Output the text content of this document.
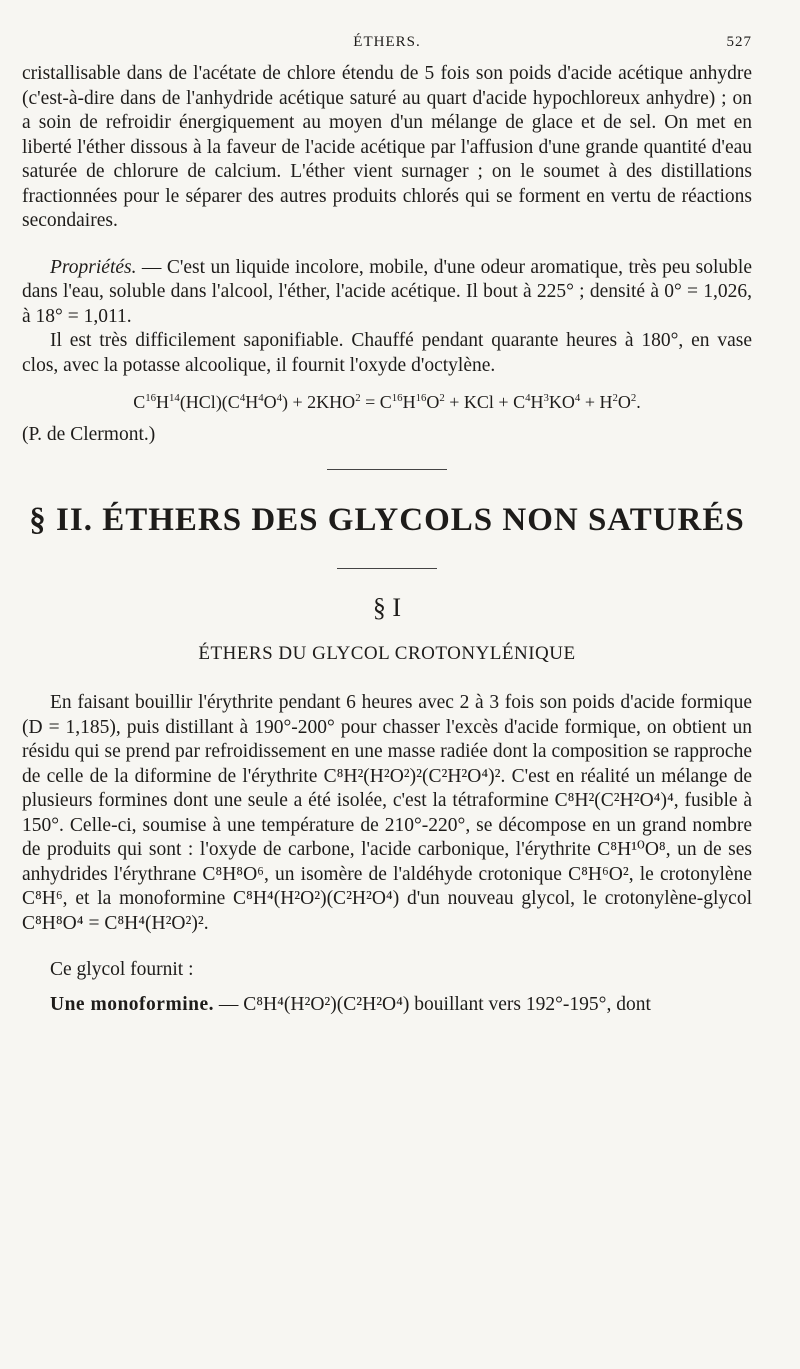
ÉTHERS.	527

cristallisable dans de l'acétate de chlore étendu de 5 fois son poids d'acide acétique anhydre (c'est-à-dire dans de l'anhydride acétique saturé au quart d'acide hypochloreux anhydre) ; on a soin de refroidir énergiquement au moyen d'un mélange de glace et de sel. On met en liberté l'éther dissous à la faveur de l'acide acétique par l'affusion d'une grande quantité d'eau saturée de chlorure de calcium. L'éther vient surnager ; on le soumet à des distillations fractionnées pour le séparer des autres produits chlorés qui se forment en vertu de réactions secondaires.

Propriétés. — C'est un liquide incolore, mobile, d'une odeur aromatique, très peu soluble dans l'eau, soluble dans l'alcool, l'éther, l'acide acétique. Il bout à 225° ; densité à 0° = 1,026, à 18° = 1,011.

Il est très difficilement saponifiable. Chauffé pendant quarante heures à 180°, en vase clos, avec la potasse alcoolique, il fournit l'oxyde d'octylène.

$C^{16}H^{14}(HCl)(C^4H^4O^4) + 2KHO^2 = C^{16}H^{16}O^2$ + KCl + $C^4H^3KO^4 + H^2O^2$.

(P. de Clermont.)

§ II. ÉTHERS DES GLYCOLS NON SATURÉS
§ I
ÉTHERS DU GLYCOL CROTONYLÉNIQUE

En faisant bouillir l'érythrite pendant 6 heures avec 2 à 3 fois son poids d'acide formique (D = 1,185), puis distillant à 190°-200° pour chasser l'excès d'acide formique, on obtient un résidu qui se prend par refroidissement en une masse radiée dont la composition se rapproche de celle de la diformine de l'érythrite C⁸H²(H²O²)²(C²H²O⁴)². C'est en réalité un mélange de plusieurs formines dont une seule a été isolée, c'est la tétraformine C⁸H²(C²H²O⁴)⁴, fusible à 150°. Celle-ci, soumise à une température de 210°-220°, se décompose en un grand nombre de produits qui sont : l'oxyde de carbone, l'acide carbonique, l'érythrite C⁸H¹⁰O⁸, un de ses anhydrides l'érythrane C⁸H⁸O⁶, un isomère de l'aldéhyde crotonique C⁸H⁶O², le crotonylène C⁸H⁶, et la monoformine C⁸H⁴(H²O²)(C²H²O⁴) d'un nouveau glycol, le crotonylène-glycol C⁸H⁸O⁴ = C⁸H⁴(H²O²)².

Ce glycol fournit :

Une monoformine. — C⁸H⁴(H²O²)(C²H²O⁴) bouillant vers 192°-195°, dont
